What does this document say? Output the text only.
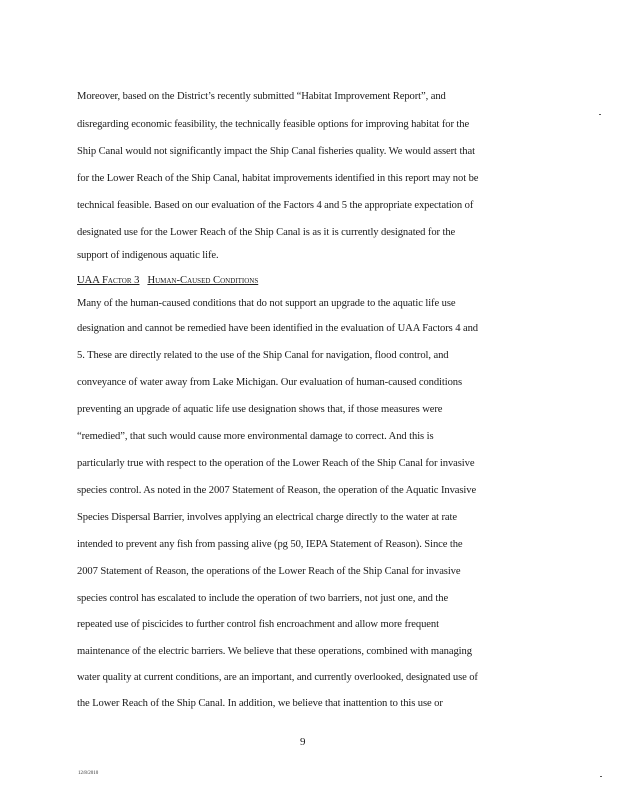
Moreover, based on the District’s recently submitted “Habitat Improvement Report”, and
disregarding economic feasibility, the technically feasible options for improving habitat for the
Ship Canal would not significantly impact the Ship Canal fisheries quality. We would assert that
for the Lower Reach of the Ship Canal, habitat improvements identified in this report may not be
technical feasible. Based on our evaluation of the Factors 4 and 5 the appropriate expectation of
designated use for the Lower Reach of the Ship Canal is as it is currently designated for the
support of indigenous aquatic life.
UAA Factor 3 Human-Caused Conditions
Many of the human-caused conditions that do not support an upgrade to the aquatic life use
designation and cannot be remedied have been identified in the evaluation of UAA Factors 4 and
5. These are directly related to the use of the Ship Canal for navigation, flood control, and
conveyance of water away from Lake Michigan. Our evaluation of human-caused conditions
preventing an upgrade of aquatic life use designation shows that, if those measures were
“remedied”, that such would cause more environmental damage to correct. And this is
particularly true with respect to the operation of the Lower Reach of the Ship Canal for invasive
species control. As noted in the 2007 Statement of Reason, the operation of the Aquatic Invasive
Species Dispersal Barrier, involves applying an electrical charge directly to the water at rate
intended to prevent any fish from passing alive (pg 50, IEPA Statement of Reason). Since the
2007 Statement of Reason, the operations of the Lower Reach of the Ship Canal for invasive
species control has escalated to include the operation of two barriers, not just one, and the
repeated use of piscicides to further control fish encroachment and allow more frequent
maintenance of the electric barriers. We believe that these operations, combined with managing
water quality at current conditions, are an important, and currently overlooked, designated use of
the Lower Reach of the Ship Canal. In addition, we believe that inattention to this use or
9
12/8/2010
